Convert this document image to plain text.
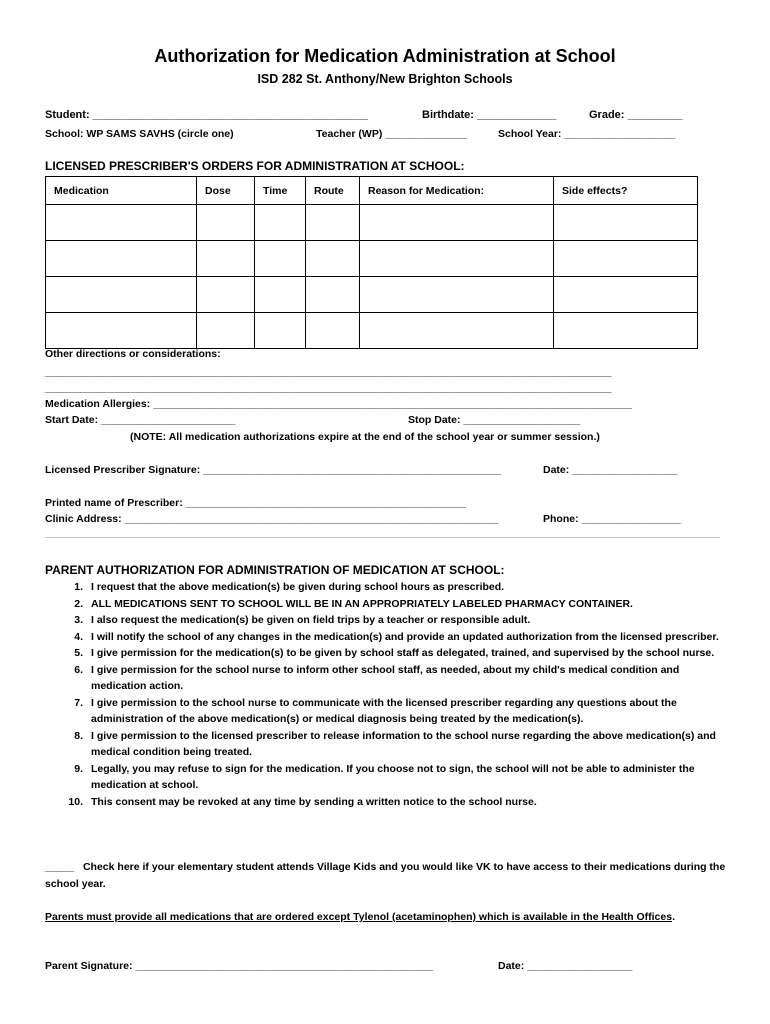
Authorization for Medication Administration at School
ISD 282 St. Anthony/New Brighton Schools
Student: _____________________________________________	Birthdate: _____________	Grade: _________
School: WP SAMS SAVHS (circle one)	Teacher (WP) ______________	School Year: ___________________
LICENSED PRESCRIBER'S ORDERS FOR ADMINISTRATION AT SCHOOL:
Medication	Dose	Time	Route	Reason for Medication:	Side effects?

Other directions or considerations:
_________________________________________________________________________________________________
_________________________________________________________________________________________________
Medication Allergies: __________________________________________________________________________________
Start Date: _______________________	Stop Date: ____________________
(NOTE: All medication authorizations expire at the end of the school year or summer session.)
Licensed Prescriber Signature: ___________________________________________________	Date: __________________
Printed name of Prescriber: ________________________________________________
Clinic Address: ________________________________________________________________	Phone: _________________
PARENT AUTHORIZATION FOR ADMINISTRATION OF MEDICATION AT SCHOOL:
1. I request that the above medication(s) be given during school hours as prescribed.
2. ALL MEDICATIONS SENT TO SCHOOL WILL BE IN AN APPROPRIATELY LABELED PHARMACY CONTAINER.
3. I also request the medication(s) be given on field trips by a teacher or responsible adult.
4. I will notify the school of any changes in the medication(s) and provide an updated authorization from the licensed prescriber.
5. I give permission for the medication(s) to be given by school staff as delegated, trained, and supervised by the school nurse.
6. I give permission for the school nurse to inform other school staff, as needed, about my child's medical condition and medication action.
7. I give permission to the school nurse to communicate with the licensed prescriber regarding any questions about the administration of the above medication(s) or medical diagnosis being treated by the medication(s).
8. I give permission to the licensed prescriber to release information to the school nurse regarding the above medication(s) and medical condition being treated.
9. Legally, you may refuse to sign for the medication. If you choose not to sign, the school will not be able to administer the medication at school.
10. This consent may be revoked at any time by sending a written notice to the school nurse.
_____ Check here if your elementary student attends Village Kids and you would like VK to have access to their medications during the school year.
Parents must provide all medications that are ordered except Tylenol (acetaminophen) which is available in the Health Offices.
Parent Signature: ___________________________________________________	Date: __________________
